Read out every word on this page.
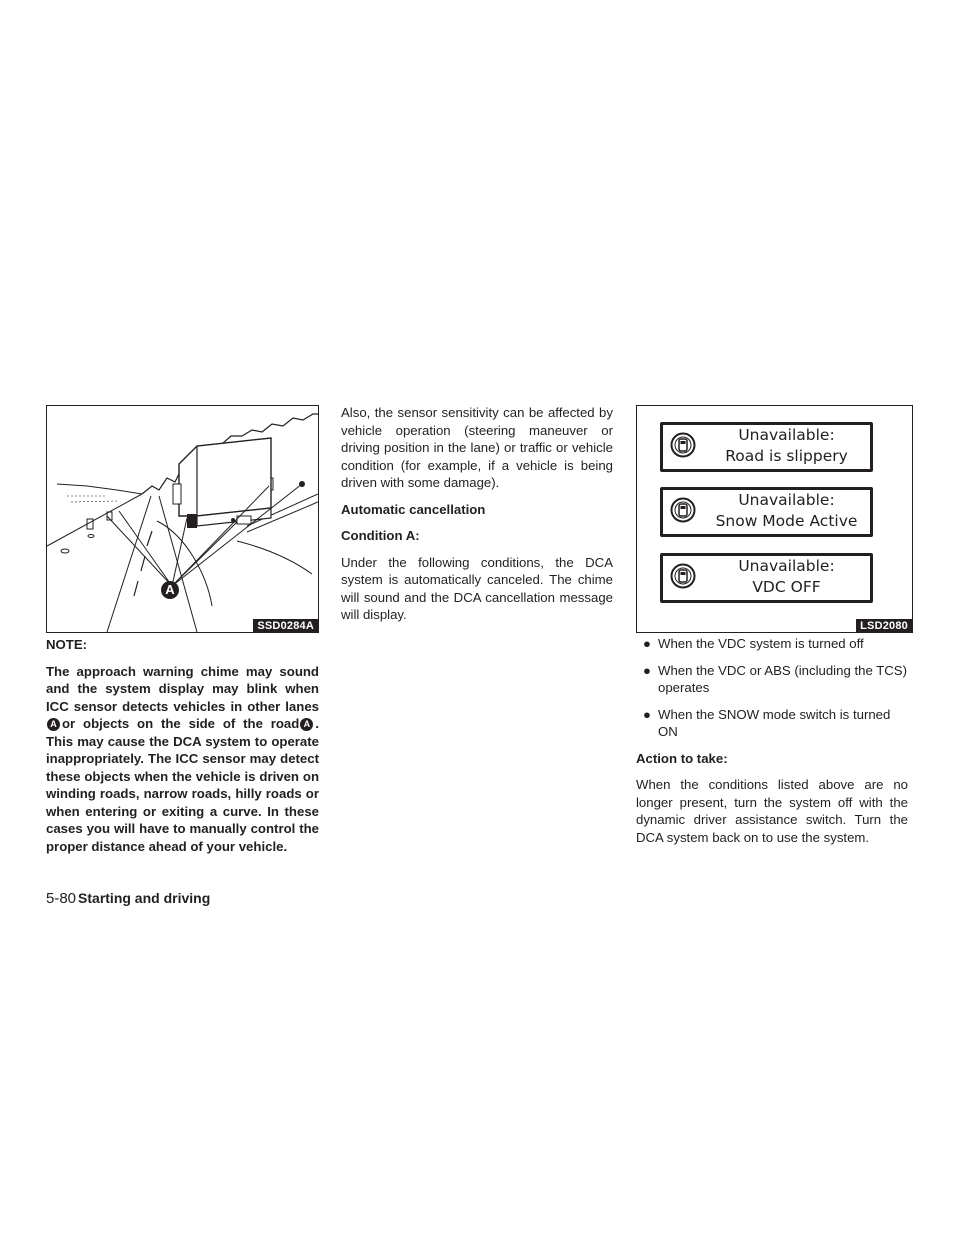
A
SSD0284A

NOTE:

The approach warning chime may sound and the system display may blink when ICC sensor detects vehicles in other lanesA or objects on the side of the road A . This may cause the DCA system to operate inappropriately. The ICC sensor may detect these objects when the vehicle is driven on winding roads, narrow roads, hilly roads or when entering or exiting a curve. In these cases you will have to manually control the proper distance ahead of your vehicle.

Also, the sensor sensitivity can be affected by vehicle operation (steering maneuver or driving position in the lane) or traffic or vehicle condition (for example, if a vehicle is being driven with some damage).

Automatic cancellation

Condition A:

Under the following conditions, the DCA system is automatically canceled. The chime will sound and the DCA cancellation message will display.

Unavailable:
Road is slippery
Unavailable:
Snow Mode Active
Unavailable:
VDC OFF
LSD2080
● When the VDC system is turned off
● When the VDC or ABS (including the TCS) operates
● When the SNOW mode switch is turned ON

Action to take:

When the conditions listed above are no longer present, turn the system off with the dynamic driver assistance switch. Turn the DCA system back on to use the system.

5-80 Starting and driving
